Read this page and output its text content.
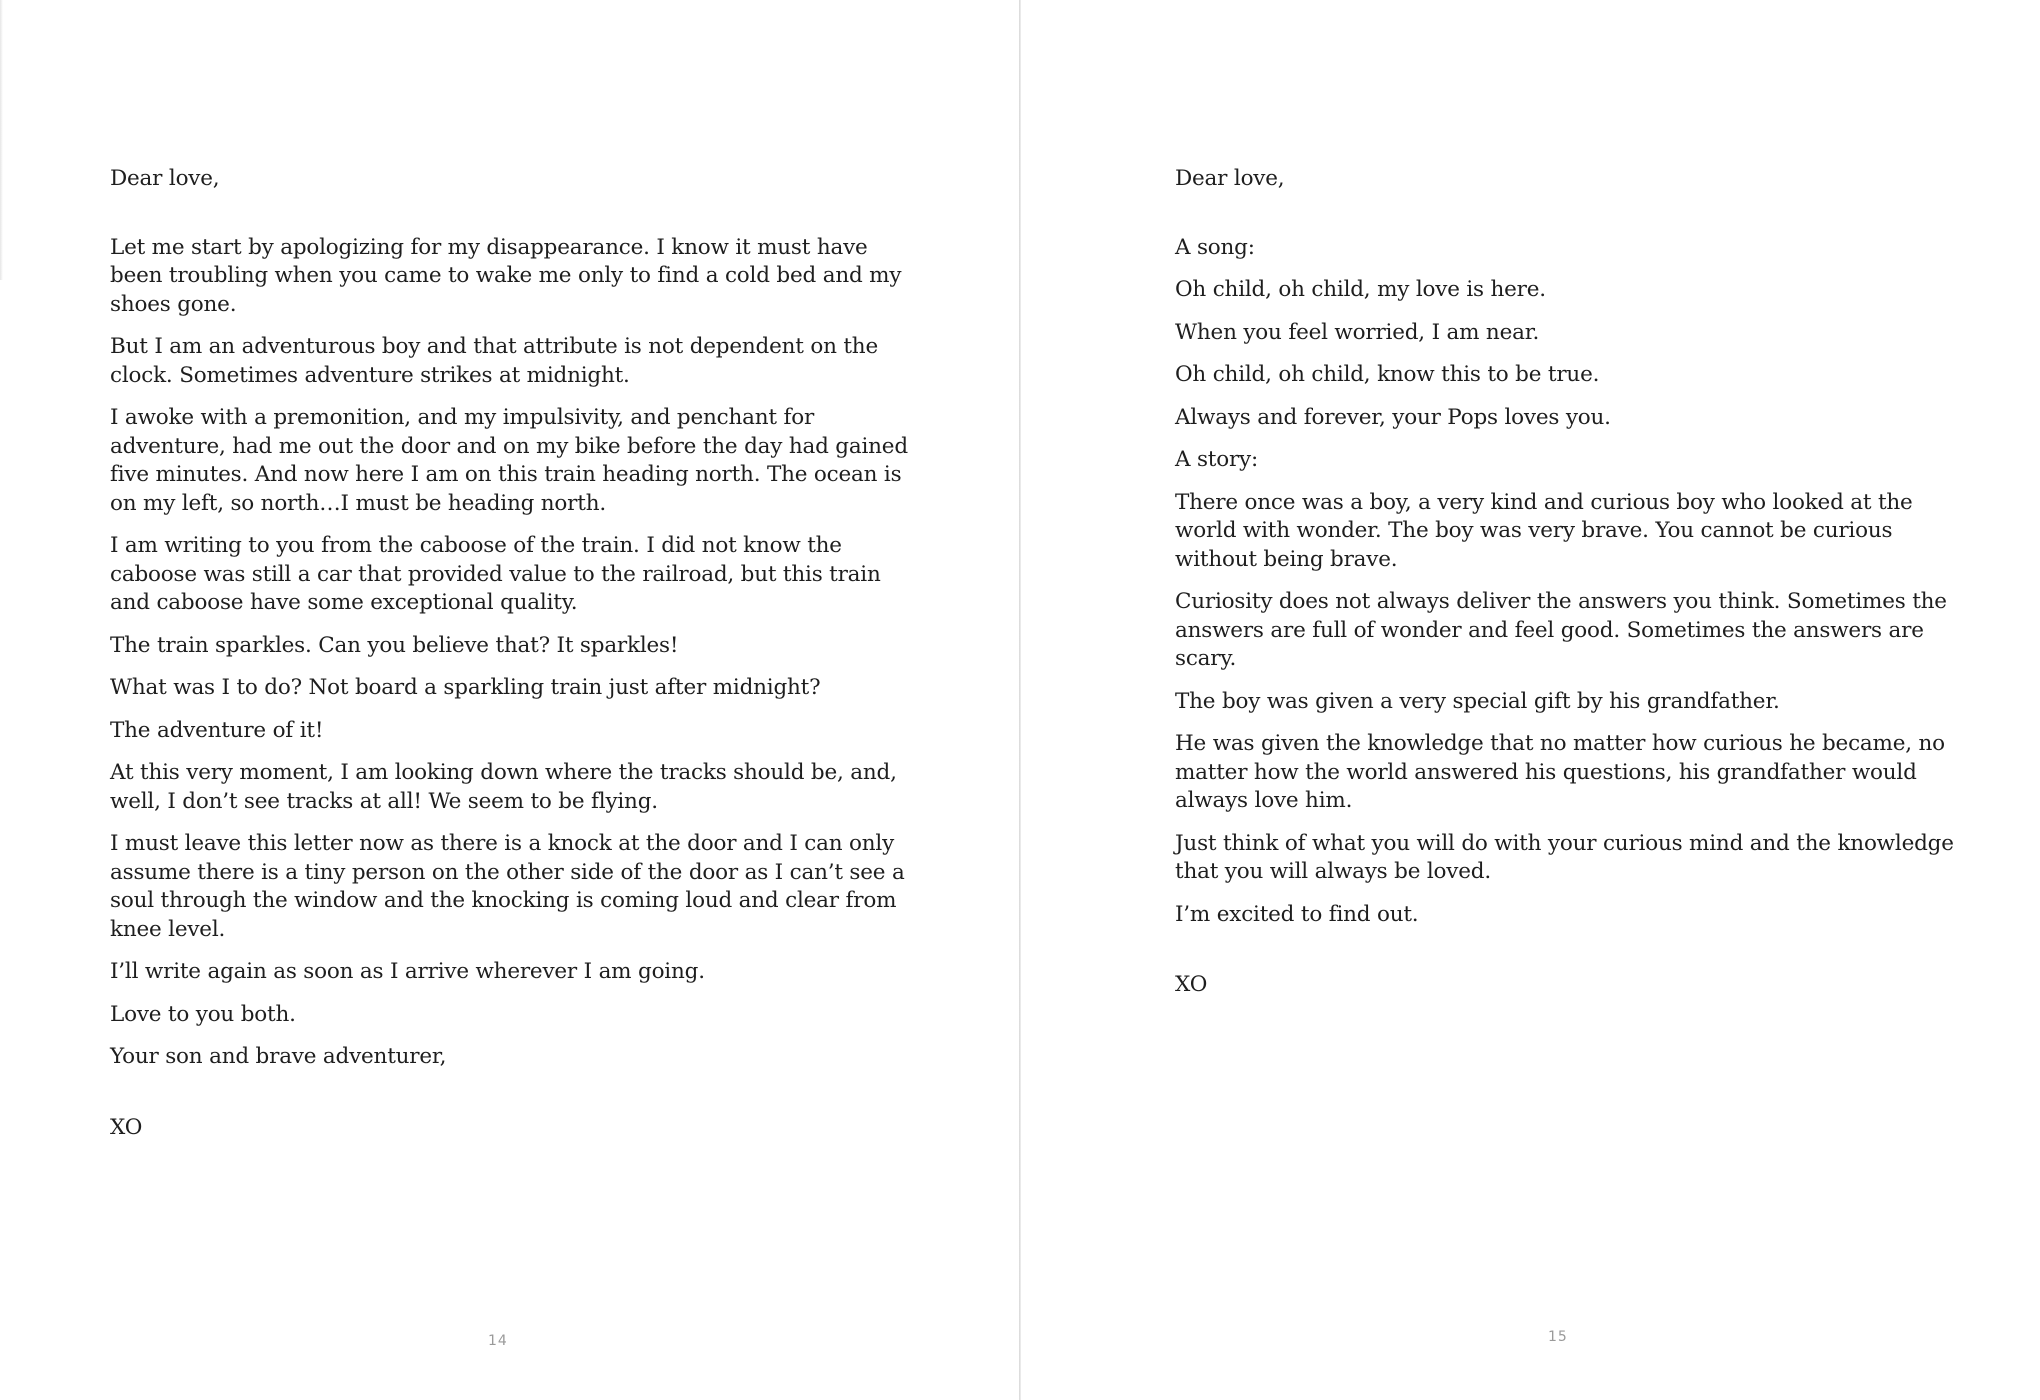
Dear love,

Let me start by apologizing for my disappearance. I know it must have been troubling when you came to wake me only to find a cold bed and my shoes gone.

But I am an adventurous boy and that attribute is not dependent on the clock. Sometimes adventure strikes at midnight.

I awoke with a premonition, and my impulsivity, and penchant for adventure, had me out the door and on my bike before the day had gained five minutes. And now here I am on this train heading north. The ocean is on my left, so north…I must be heading north.

I am writing to you from the caboose of the train. I did not know the caboose was still a car that provided value to the railroad, but this train and caboose have some exceptional quality.

The train sparkles. Can you believe that? It sparkles!

What was I to do? Not board a sparkling train just after midnight?

The adventure of it!

At this very moment, I am looking down where the tracks should be, and, well, I don’t see tracks at all! We seem to be flying.

I must leave this letter now as there is a knock at the door and I can only assume there is a tiny person on the other side of the door as I can’t see a soul through the window and the knocking is coming loud and clear from knee level.

I’ll write again as soon as I arrive wherever I am going.

Love to you both.

Your son and brave adventurer,

XO

Dear love,

A song:

Oh child, oh child, my love is here.

When you feel worried, I am near.

Oh child, oh child, know this to be true.

Always and forever, your Pops loves you.

A story:

There once was a boy, a very kind and curious boy who looked at the world with wonder. The boy was very brave. You cannot be curious without being brave.

Curiosity does not always deliver the answers you think. Sometimes the answers are full of wonder and feel good. Sometimes the answers are scary.

The boy was given a very special gift by his grandfather.

He was given the knowledge that no matter how curious he became, no matter how the world answered his questions, his grandfather would always love him.

Just think of what you will do with your curious mind and the knowledge that you will always be loved.

I’m excited to find out.

XO

14	15
